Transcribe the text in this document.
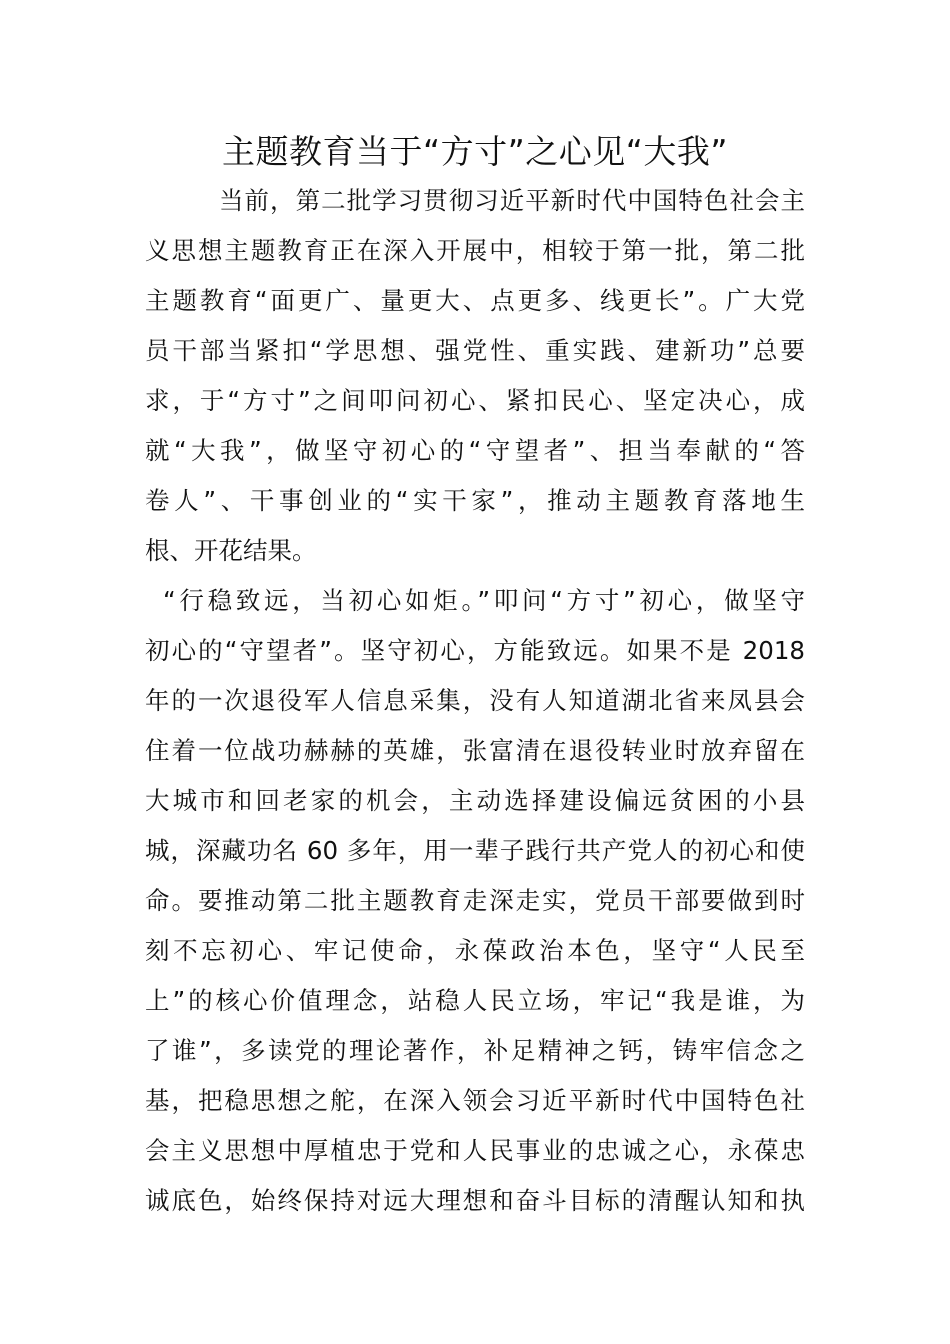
主题教育当于“方寸”之心见“大我”
当前，第二批学习贯彻习近平新时代中国特色社会主
义思想主题教育正在深入开展中，相较于第一批，第二批
主题教育“面更广、量更大、点更多、线更长”。广大党
员干部当紧扣“学思想、强党性、重实践、建新功”总要
求，于“方寸”之间叩问初心、紧扣民心、坚定决心，成
就“大我”，做坚守初心的“守望者”、担当奉献的“答
卷人”、干事创业的“实干家”，推动主题教育落地生
根、开花结果。
“行稳致远，当初心如炬。”叩问“方寸”初心，做坚守
初心的“守望者”。坚守初心，方能致远。如果不是 2018
年的一次退役军人信息采集，没有人知道湖北省来凤县会
住着一位战功赫赫的英雄，张富清在退役转业时放弃留在
大城市和回老家的机会，主动选择建设偏远贫困的小县
城，深藏功名 60 多年，用一辈子践行共产党人的初心和使
命。要推动第二批主题教育走深走实，党员干部要做到时
刻不忘初心、牢记使命，永葆政治本色，坚守“人民至
上”的核心价值理念，站稳人民立场，牢记“我是谁，为
了谁”，多读党的理论著作，补足精神之钙，铸牢信念之
基，把稳思想之舵，在深入领会习近平新时代中国特色社
会主义思想中厚植忠于党和人民事业的忠诚之心，永葆忠
诚底色，始终保持对远大理想和奋斗目标的清醒认知和执
